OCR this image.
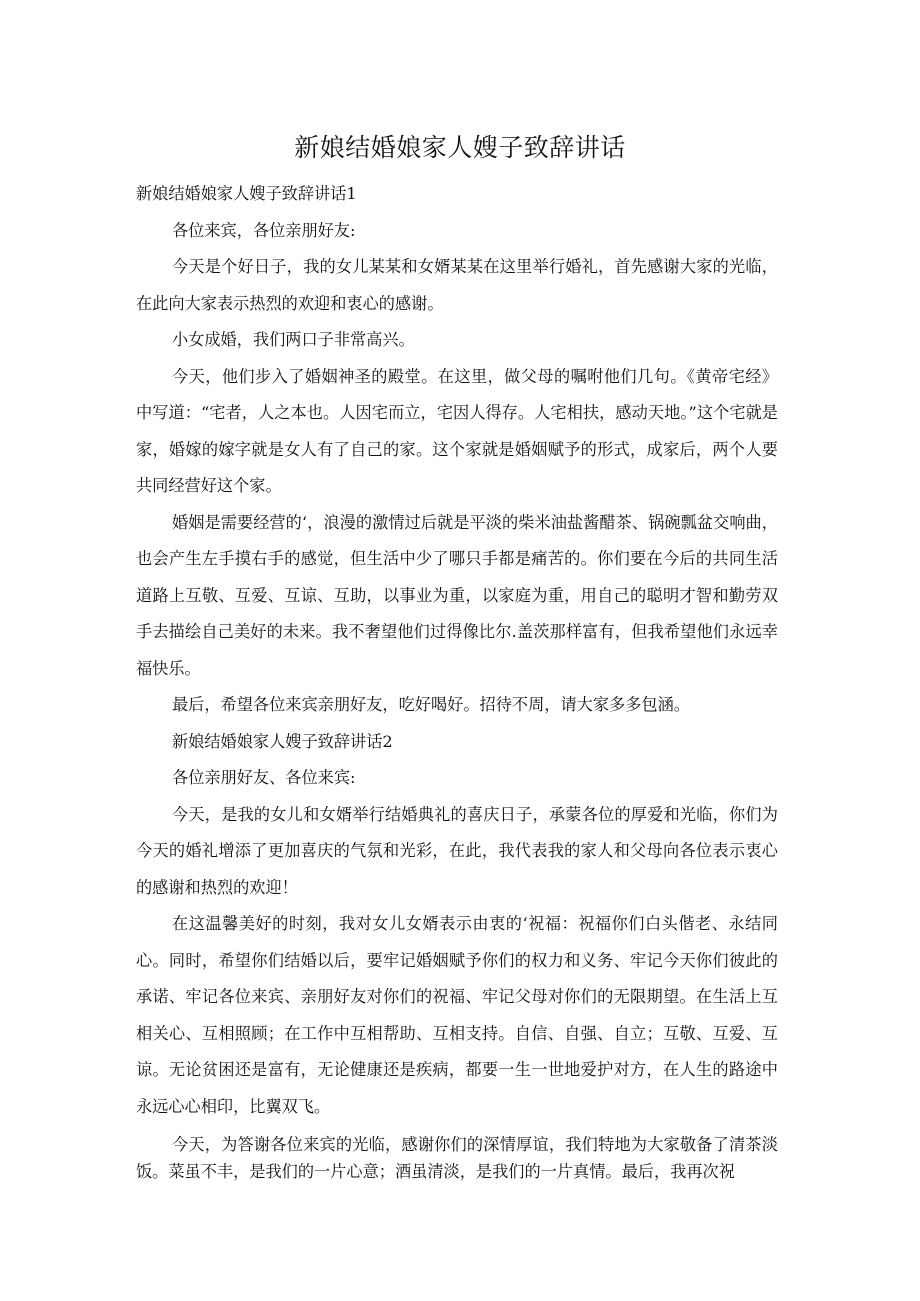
新娘结婚娘家人嫂子致辞讲话

新娘结婚娘家人嫂子致辞讲话1

各位来宾，各位亲朋好友:

今天是个好日子，我的女儿某某和女婿某某在这里举行婚礼，首先感谢大家的光临，在此向大家表示热烈的欢迎和衷心的感谢。

小女成婚，我们两口子非常高兴。

今天，他们步入了婚姻神圣的殿堂。在这里，做父母的嘱咐他们几句。《黄帝宅经》中写道：“宅者，人之本也。人因宅而立，宅因人得存。人宅相扶，感动天地。”这个宅就是家，婚嫁的嫁字就是女人有了自己的家。这个家就是婚姻赋予的形式，成家后，两个人要共同经营好这个家。

婚姻是需要经营的‘，浪漫的激情过后就是平淡的柴米油盐酱醋茶、锅碗瓢盆交响曲，也会产生左手摸右手的感觉，但生活中少了哪只手都是痛苦的。你们要在今后的共同生活道路上互敬、互爱、互谅、互助，以事业为重，以家庭为重，用自己的聪明才智和勤劳双手去描绘自己美好的未来。我不奢望他们过得像比尔.盖茨那样富有，但我希望他们永远幸福快乐。

最后，希望各位来宾亲朋好友，吃好喝好。招待不周，请大家多多包涵。

新娘结婚娘家人嫂子致辞讲话2

各位亲朋好友、各位来宾:

今天，是我的女儿和女婿举行结婚典礼的喜庆日子，承蒙各位的厚爱和光临，你们为今天的婚礼增添了更加喜庆的气氛和光彩，在此，我代表我的家人和父母向各位表示衷心的感谢和热烈的欢迎！

在这温馨美好的时刻，我对女儿女婿表示由衷的‘祝福：祝福你们白头偕老、永结同心。同时，希望你们结婚以后，要牢记婚姻赋予你们的权力和义务、牢记今天你们彼此的承诺、牢记各位来宾、亲朋好友对你们的祝福、牢记父母对你们的无限期望。在生活上互相关心、互相照顾；在工作中互相帮助、互相支持。自信、自强、自立；互敬、互爱、互谅。无论贫困还是富有，无论健康还是疾病，都要一生一世地爱护对方，在人生的路途中永远心心相印，比翼双飞。

今天，为答谢各位来宾的光临，感谢你们的深情厚谊，我们特地为大家敬备了清茶淡饭。菜虽不丰，是我们的一片心意；酒虽清淡，是我们的一片真情。最后，我再次祝
